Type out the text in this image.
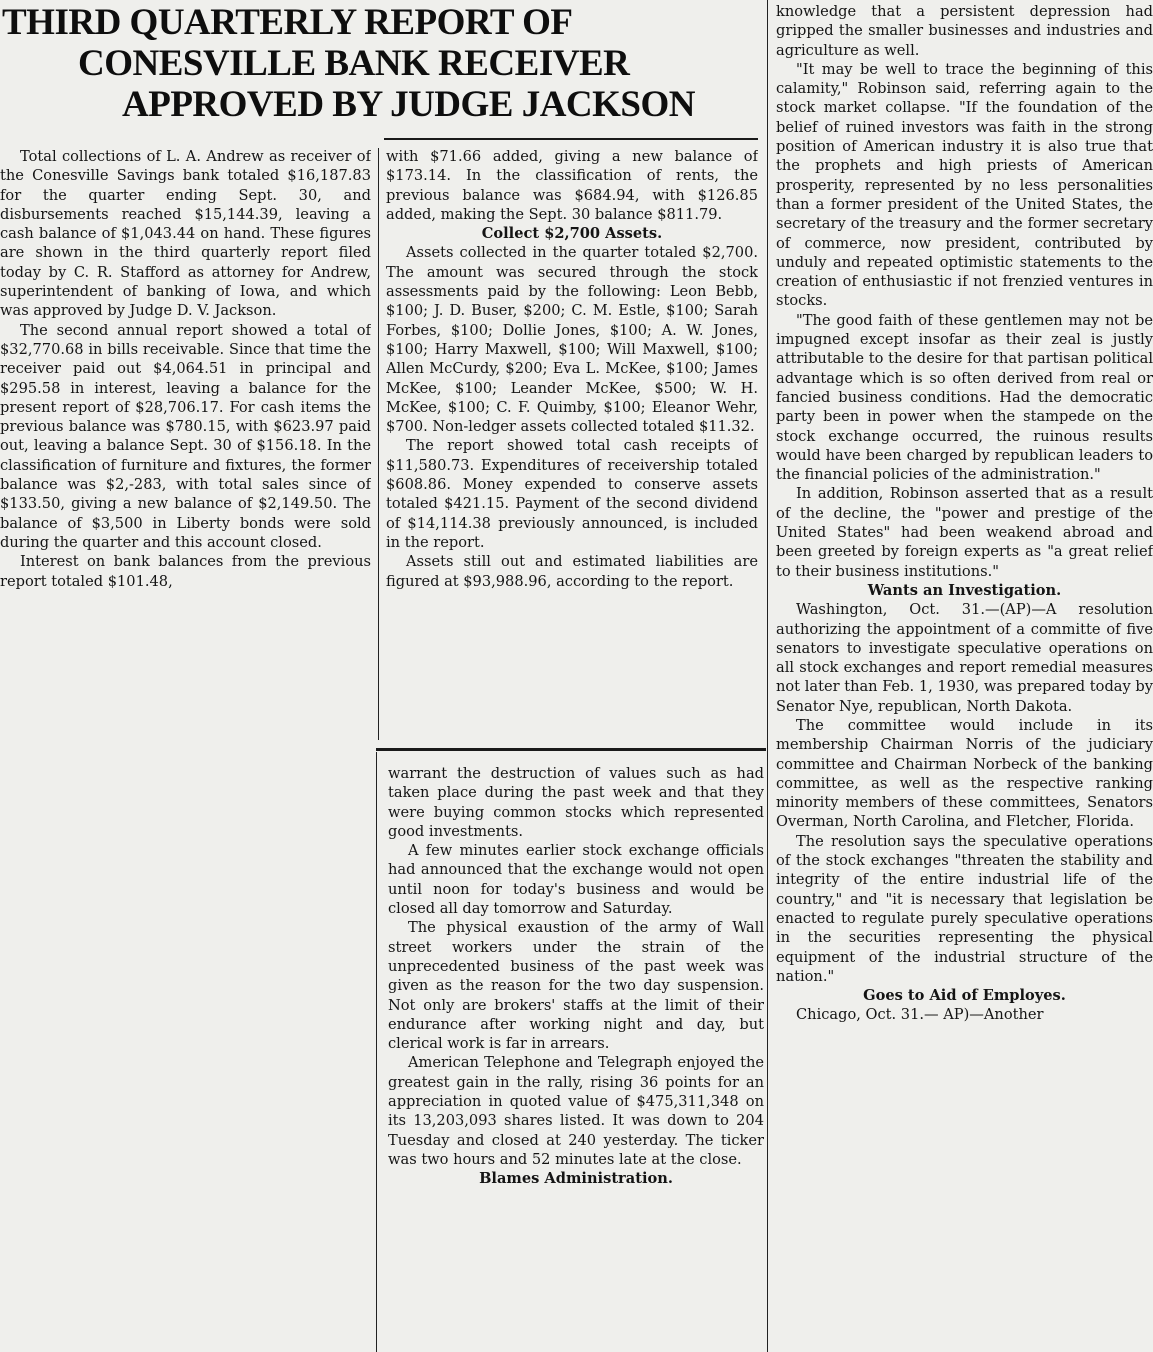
THIRD QUARTERLY REPORT OF
CONESVILLE BANK RECEIVER
APPROVED BY JUDGE JACKSON

Total collections of L. A. Andrew as receiver of the Conesville Savings bank totaled $16,187.83 for the quarter ending Sept. 30, and disbursements reached $15,144.39, leaving a cash balance of $1,043.44 on hand. These figures are shown in the third quarterly report filed today by C. R. Stafford as attorney for Andrew, superintendent of banking of Iowa, and which was approved by Judge D. V. Jackson.

The second annual report showed a total of $32,770.68 in bills receivable. Since that time the receiver paid out $4,064.51 in principal and $295.58 in interest, leaving a balance for the present report of $28,706.17. For cash items the previous balance was $780.15, with $623.97 paid out, leaving a balance Sept. 30 of $156.18. In the classification of furniture and fixtures, the former balance was $2,-283, with total sales since of $133.50, giving a new balance of $2,149.50. The balance of $3,500 in Liberty bonds were sold during the quarter and this account closed.

Interest on bank balances from the previous report totaled $101.48,

with $71.66 added, giving a new balance of $173.14. In the classification of rents, the previous balance was $684.94, with $126.85 added, making the Sept. 30 balance $811.79.

Collect $2,700 Assets.

Assets collected in the quarter totaled $2,700. The amount was secured through the stock assessments paid by the following: Leon Bebb, $100; J. D. Buser, $200; C. M. Estle, $100; Sarah Forbes, $100; Dollie Jones, $100; A. W. Jones, $100; Harry Maxwell, $100; Will Maxwell, $100; Allen McCurdy, $200; Eva L. McKee, $100; James McKee, $100; Leander McKee, $500; W. H. McKee, $100; C. F. Quimby, $100; Eleanor Wehr, $700. Non-ledger assets collected totaled $11.32.

The report showed total cash receipts of $11,580.73. Expenditures of receivership totaled $608.86. Money expended to conserve assets totaled $421.15. Payment of the second dividend of $14,114.38 previously announced, is included in the report.

Assets still out and estimated liabilities are figured at $93,988.96, according to the report.

warrant the destruction of values such as had taken place during the past week and that they were buying common stocks which represented good investments.

A few minutes earlier stock exchange officials had announced that the exchange would not open until noon for today's business and would be closed all day tomorrow and Saturday.

The physical exaustion of the army of Wall street workers under the strain of the unprecedented business of the past week was given as the reason for the two day suspension. Not only are brokers' staffs at the limit of their endurance after working night and day, but clerical work is far in arrears.

American Telephone and Telegraph enjoyed the greatest gain in the rally, rising 36 points for an appreciation in quoted value of $475,311,348 on its 13,203,093 shares listed. It was down to 204 Tuesday and closed at 240 yesterday. The ticker was two hours and 52 minutes late at the close.

Blames Administration.

knowledge that a persistent depression had gripped the smaller businesses and industries and agriculture as well.

"It may be well to trace the beginning of this calamity," Robinson said, referring again to the stock market collapse. "If the foundation of the belief of ruined investors was faith in the strong position of American industry it is also true that the prophets and high priests of American prosperity, represented by no less personalities than a former president of the United States, the secretary of the treasury and the former secretary of commerce, now president, contributed by unduly and repeated optimistic statements to the creation of enthusiastic if not frenzied ventures in stocks.

"The good faith of these gentlemen may not be impugned except insofar as their zeal is justly attributable to the desire for that partisan political advantage which is so often derived from real or fancied business conditions. Had the democratic party been in power when the stampede on the stock exchange occurred, the ruinous results would have been charged by republican leaders to the financial policies of the administration."

In addition, Robinson asserted that as a result of the decline, the "power and prestige of the United States" had been weakend abroad and been greeted by foreign experts as "a great relief to their business institutions."

Wants an Investigation.

Washington, Oct. 31.—(AP)—A resolution authorizing the appointment of a committe of five senators to investigate speculative operations on all stock exchanges and report remedial measures not later than Feb. 1, 1930, was prepared today by Senator Nye, republican, North Dakota.

The committee would include in its membership Chairman Norris of the judiciary committee and Chairman Norbeck of the banking committee, as well as the respective ranking minority members of these committees, Senators Overman, North Carolina, and Fletcher, Florida.

The resolution says the speculative operations of the stock exchanges "threaten the stability and integrity of the entire industrial life of the country," and "it is necessary that legislation be enacted to regulate purely speculative operations in the securities representing the physical equipment of the industrial structure of the nation."

Goes to Aid of Employes.

Chicago, Oct. 31.— AP)—Another
